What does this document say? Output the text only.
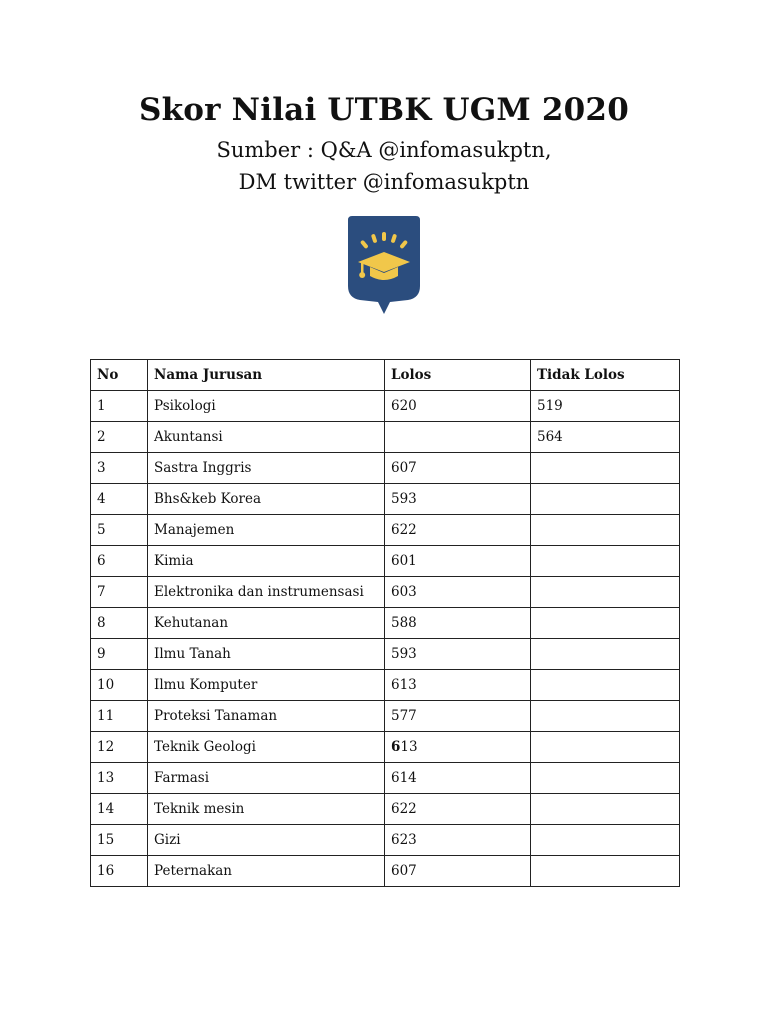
Skor Nilai UTBK UGM 2020

Sumber : Q&A @infomasukptn,

DM twitter @infomasukptn

No	Nama Jurusan	Lolos	Tidak Lolos
1	Psikologi	620	519
2	Akuntansi		564
3	Sastra Inggris	607	
4	Bhs&keb Korea	593	
5	Manajemen	622	
6	Kimia	601	
7	Elektronika dan instrumensasi	603	
8	Kehutanan	588	
9	Ilmu Tanah	593	
10	Ilmu Komputer	613	
11	Proteksi Tanaman	577	
12	Teknik Geologi	613	
13	Farmasi	614	
14	Teknik mesin	622	
15	Gizi	623	
16	Peternakan	607	
